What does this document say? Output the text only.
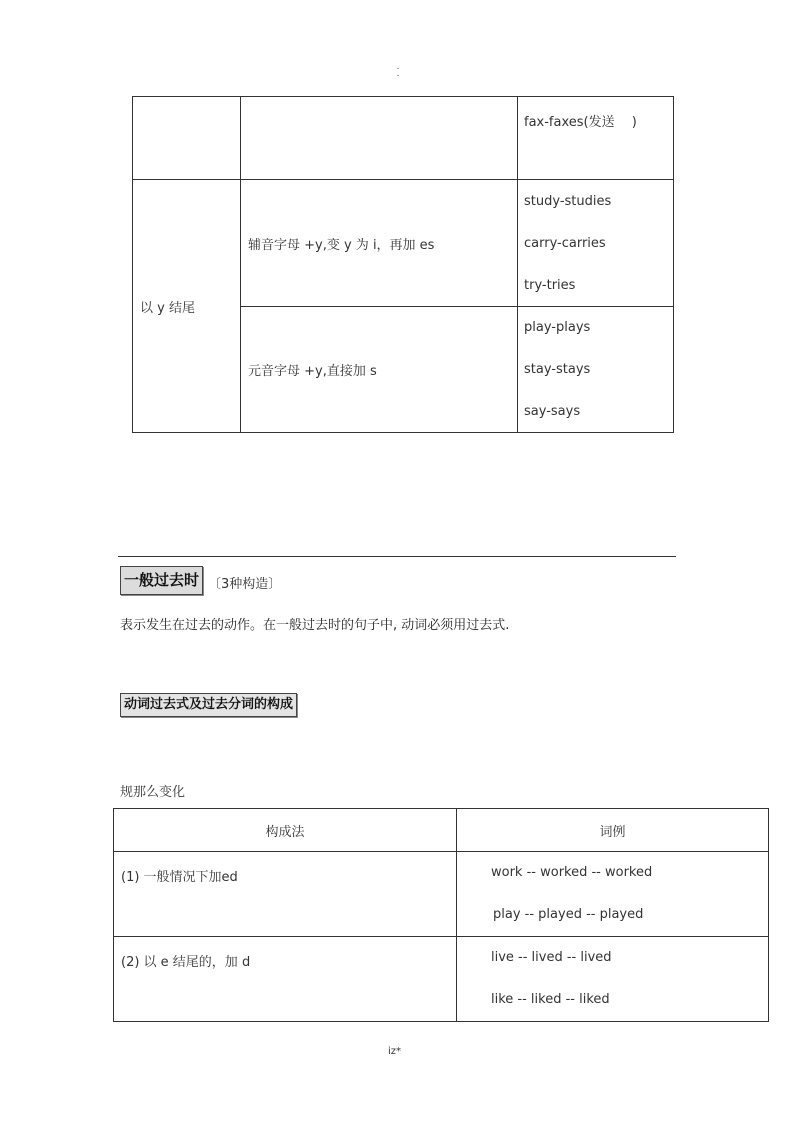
.
.

		fax-faxes(发送　 )

以 y 结尾	辅音字母 +y,变 y 为 i，再加 es	study-studies
carry-carries
try-tries

	元音字母 +y,直接加 s	play-plays
stay-stays
say-says
一般过去时 〔3种构造〕
表示发生在过去的动作。在一般过去时的句子中, 动词必须用过去式.
动词过去式及过去分词的构成
规那么变化
构成法	词例
(1) 一般情况下加ed	work -- worked -- worked
play -- played -- played

(2) 以 e 结尾的，加 d	live -- lived -- lived
like -- liked -- liked
iz*
